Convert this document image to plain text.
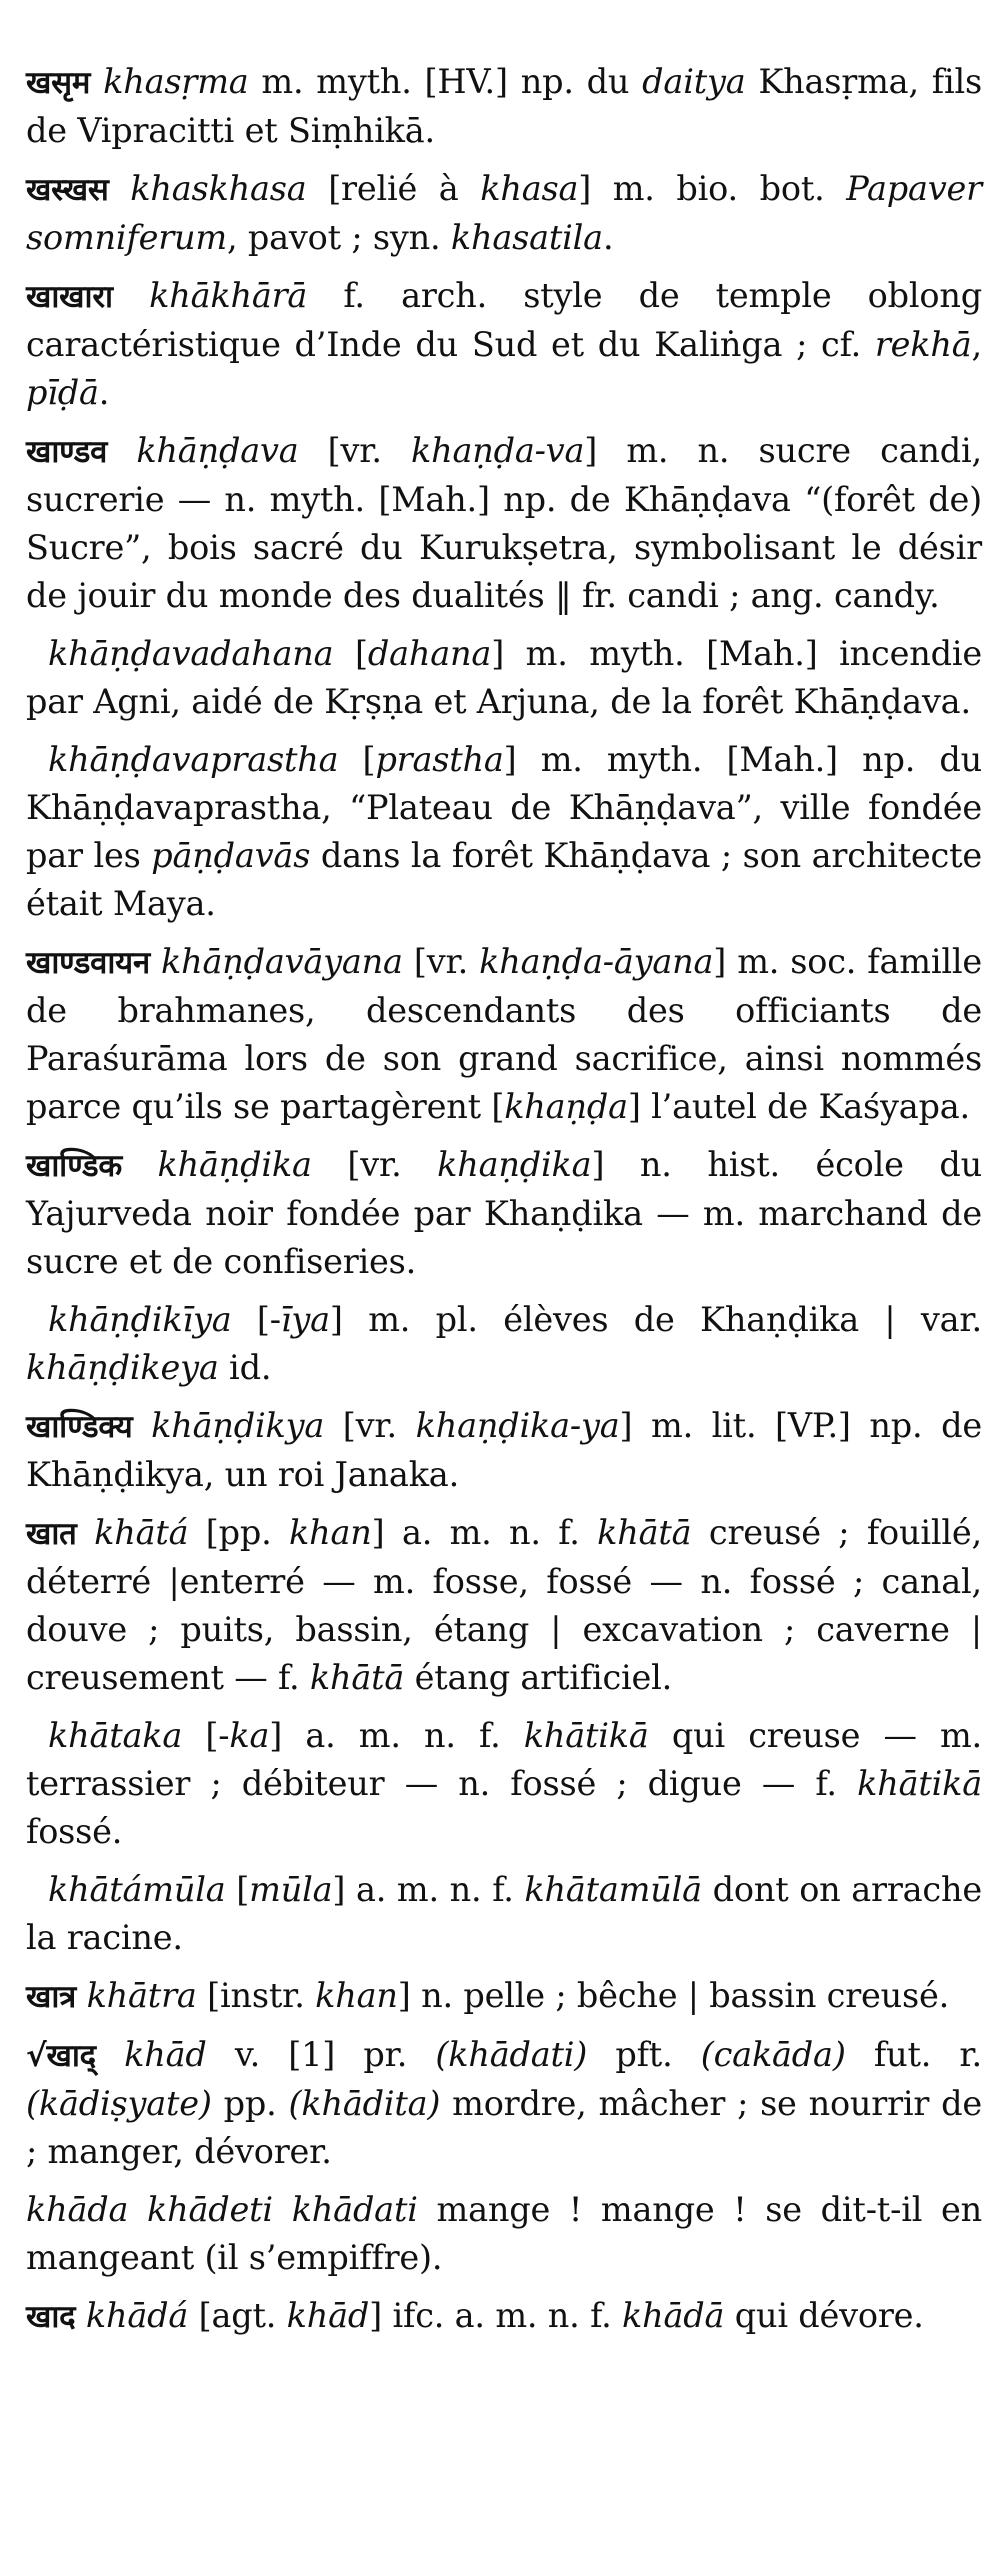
खसृम khasṛma m. myth. [HV.] np. du daitya Khasṛma, fils de Vipracitti et Siṃhikā.

खस्खस khaskhasa [relié à khasa] m. bio. bot. Papaver somniferum, pavot ; syn. khasatila.

खाखारा khākhārā f. arch. style de temple oblong caractéristique d’Inde du Sud et du Kaliṅga ; cf. rekhā, pīḍā.

खाण्डव khāṇḍava [vr. khaṇḍa-va] m. n. sucre candi, sucrerie — n. myth. [Mah.] np. de Khāṇḍava “(forêt de) Sucre”, bois sacré du Kurukṣetra, symbolisant le désir de jouir du monde des dualités ‖ fr. candi ; ang. candy.

khāṇḍavadahana [dahana] m. myth. [Mah.] incendie par Agni, aidé de Kṛṣṇa et Arjuna, de la forêt Khāṇḍava.

khāṇḍavaprastha [prastha] m. myth. [Mah.] np. du Khāṇḍavaprastha, “Plateau de Khāṇḍava”, ville fondée par les pāṇḍavās dans la forêt Khāṇḍava ; son architecte était Maya.

खाण्डवायन khāṇḍavāyana [vr. khaṇḍa-āyana] m. soc. famille de brahmanes, descendants des officiants de Paraśurāma lors de son grand sacrifice, ainsi nommés parce qu’ils se partagèrent [khaṇḍa] l’autel de Kaśyapa.

खाण्डिक khāṇḍika [vr. khaṇḍika] n. hist. école du Yajurveda noir fondée par Khaṇḍika — m. marchand de sucre et de confiseries.

khāṇḍikīya [-īya] m. pl. élèves de Khaṇḍika | var. khāṇḍikeya id.

खाण्डिक्य khāṇḍikya [vr. khaṇḍika-ya] m. lit. [VP.] np. de Khāṇḍikya, un roi Janaka.

खात khātá [pp. khan] a. m. n. f. khātā creusé ; fouillé, déterré |enterré — m. fosse, fossé — n. fossé ; canal, douve ; puits, bassin, étang | excavation ; caverne | creusement — f. khātā étang artificiel.

khātaka [-ka] a. m. n. f. khātikā qui creuse — m. terrassier ; débiteur — n. fossé ; digue — f. khātikā fossé.

khātámūla [mūla] a. m. n. f. khātamūlā dont on arrache la racine.

खात्र khātra [instr. khan] n. pelle ; bêche | bassin creusé.

√खाद् khād v. [1] pr. (khādati) pft. (cakāda) fut. r. (kādiṣyate) pp. (khādita) mordre, mâcher ; se nourrir de ; manger, dévorer.

khāda khādeti khādati mange ! mange ! se dit-t-il en mangeant (il s’empiffre).

खाद khādá [agt. khād] ifc. a. m. n. f. khādā qui dévore.
